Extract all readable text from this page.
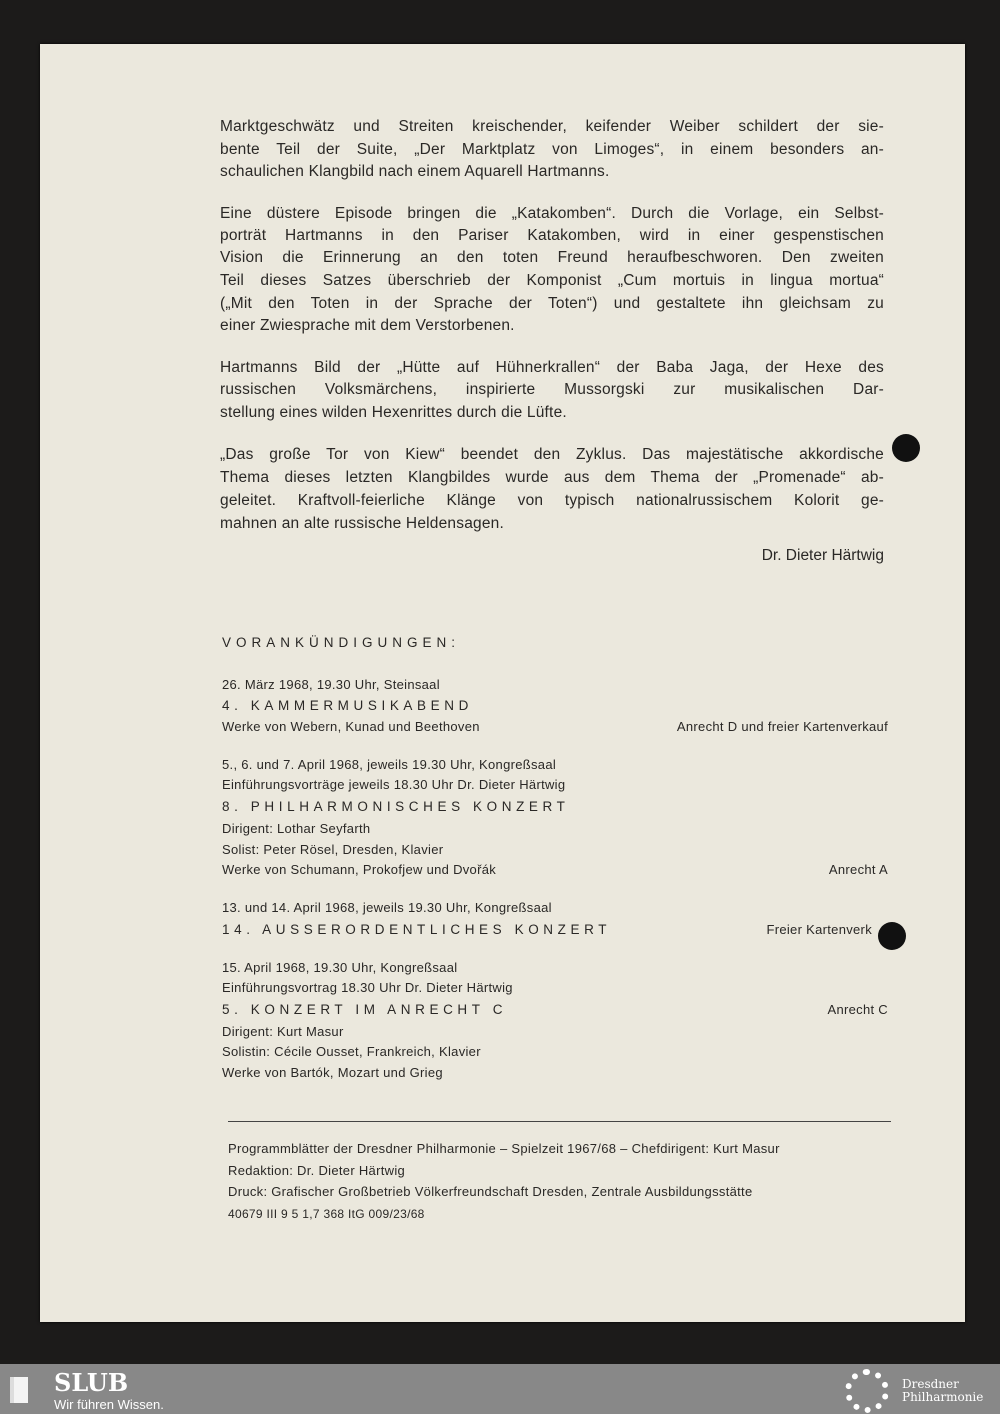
Marktgeschwätz und Streiten kreischender, keifender Weiber schildert der sie-
bente Teil der Suite, „Der Marktplatz von Limoges“, in einem besonders an-
schaulichen Klangbild nach einem Aquarell Hartmanns.
Eine düstere Episode bringen die „Katakomben“. Durch die Vorlage, ein Selbst-
porträt Hartmanns in den Pariser Katakomben, wird in einer gespenstischen
Vision die Erinnerung an den toten Freund heraufbeschworen. Den zweiten
Teil dieses Satzes überschrieb der Komponist „Cum mortuis in lingua mortua“
(„Mit den Toten in der Sprache der Toten“) und gestaltete ihn gleichsam zu
einer Zwiesprache mit dem Verstorbenen.
Hartmanns Bild der „Hütte auf Hühnerkrallen“ der Baba Jaga, der Hexe des
russischen Volksmärchens, inspirierte Mussorgski zur musikalischen Dar-
stellung eines wilden Hexenrittes durch die Lüfte.
„Das große Tor von Kiew“ beendet den Zyklus. Das majestätische akkordische
Thema dieses letzten Klangbildes wurde aus dem Thema der „Promenade“ ab-
geleitet. Kraftvoll-feierliche Klänge von typisch nationalrussischem Kolorit ge-
mahnen an alte russische Heldensagen.
Dr. Dieter Härtwig
VORANKÜNDIGUNGEN:
26. März 1968, 19.30 Uhr, Steinsaal
4. KAMMERMUSIKABEND
Werke von Webern, Kunad und Beethoven	Anrecht D und freier Kartenverkauf
5., 6. und 7. April 1968, jeweils 19.30 Uhr, Kongreßsaal
Einführungsvorträge jeweils 18.30 Uhr Dr. Dieter Härtwig
8. PHILHARMONISCHES KONZERT
Dirigent: Lothar Seyfarth
Solist: Peter Rösel, Dresden, Klavier
Werke von Schumann, Prokofjew und Dvořák	Anrecht A
13. und 14. April 1968, jeweils 19.30 Uhr, Kongreßsaal
14. AUSSERORDENTLICHES KONZERT	Freier Kartenverk
15. April 1968, 19.30 Uhr, Kongreßsaal
Einführungsvortrag 18.30 Uhr Dr. Dieter Härtwig
5. KONZERT IM ANRECHT C	Anrecht C
Dirigent: Kurt Masur
Solistin: Cécile Ousset, Frankreich, Klavier
Werke von Bartók, Mozart und Grieg
Programmblätter der Dresdner Philharmonie – Spielzeit 1967/68 – Chefdirigent: Kurt Masur
Redaktion: Dr. Dieter Härtwig
Druck: Grafischer Großbetrieb Völkerfreundschaft Dresden, Zentrale Ausbildungsstätte
40679 III 9 5 1,7 368 ItG 009/23/68
SLUB
Wir führen Wissen.
Dresdner
Philharmonie
